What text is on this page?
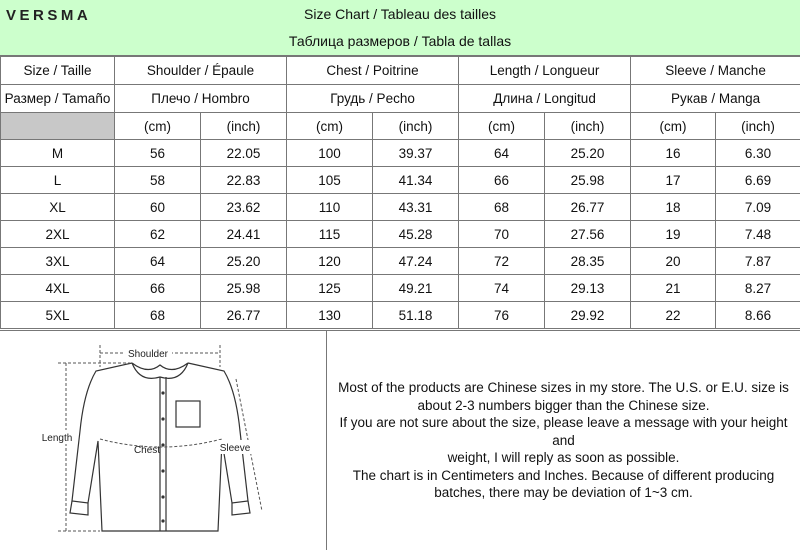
VERSMA	Size Chart / Tableau des tailles
Таблица размеров / Tabla de tallas
Size / Taille	Shoulder / Épaule		Chest / Poitrine		Length / Longueur		Sleeve / Manche	
Размер / Tamaño	Плечо / Hombro		Грудь / Pecho		Длина / Longitud		Рукав / Manga	
	(cm)	(inch)	(cm)	(inch)	(cm)	(inch)	(cm)	(inch)
M	56	22.05	100	39.37	64	25.20	16	6.30
L	58	22.83	105	41.34	66	25.98	17	6.69
XL	60	23.62	110	43.31	68	26.77	18	7.09
2XL	62	24.41	115	45.28	70	27.56	19	7.48
3XL	64	25.20	120	47.24	72	28.35	20	7.87
4XL	66	25.98	125	49.21	74	29.13	21	8.27
5XL	68	26.77	130	51.18	76	29.92	22	8.66
Shoulder
Length
Chest	Sleeve

Most of the products are Chinese sizes in my store. The U.S. or E.U. size is

about 2-3 numbers bigger than the Chinese size.

If you are not sure about the size, please leave a message with your height and

weight, I will reply as soon as possible.

The chart is in Centimeters and Inches. Because of different producing

batches, there may be deviation of 1~3 cm.
